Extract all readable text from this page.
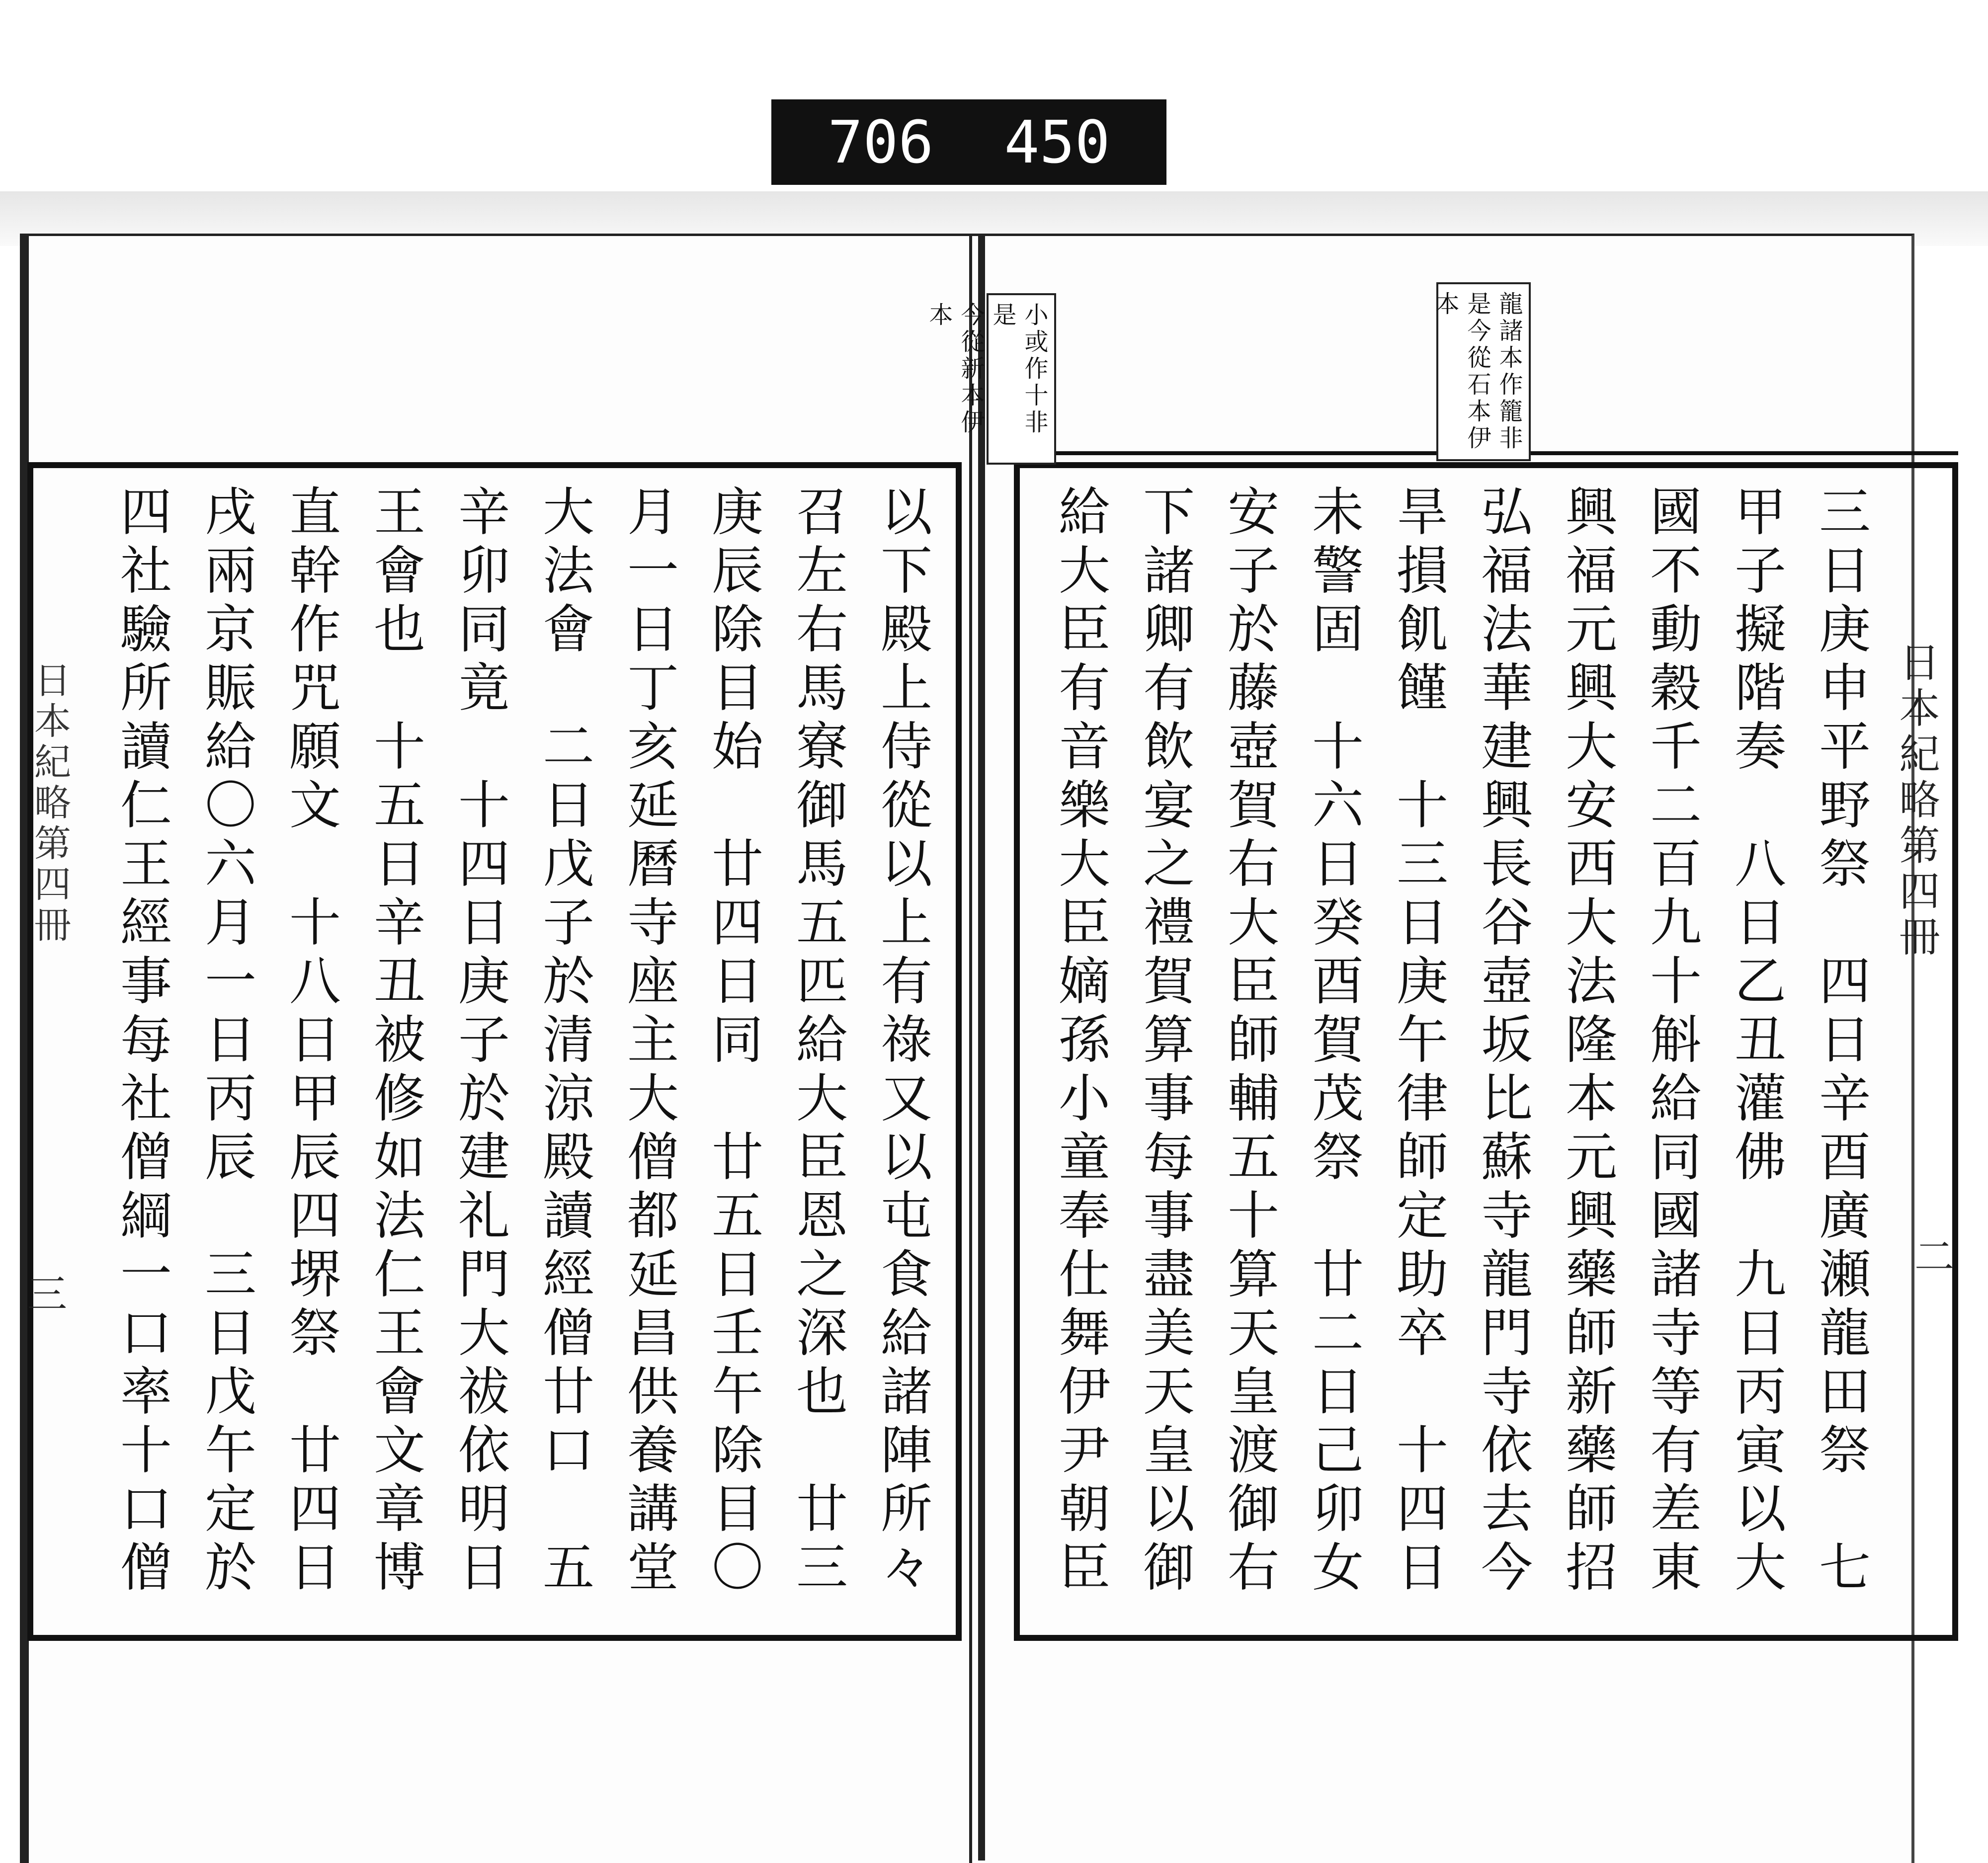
706  450
日本紀略第四冊
二
日本紀略第四冊
三
龍諸本作籠非
是今從石本伊
本
小或作十非是
今從新本伊本
三日庚申平野祭　四日辛酉廣瀬龍田祭　七
甲子擬階奏　八日乙丑灌佛　九日丙寅以大
國不動穀千二百九十斛給同國諸寺等有差東
興福元興大安西大法隆本元興藥師新藥師招
弘福法華建興長谷壺坂比蘇寺龍門寺依去今
旱損飢饉　十三日庚午律師定助卒　十四日
未警固　十六日癸酉賀茂祭　廿二日己卯女
安子於藤壺賀右大臣師輔五十算天皇渡御右
下諸卿有飲宴之禮賀算事每事盡美天皇以御
給大臣有音樂大臣嫡孫小童奉仕舞伊尹朝臣
以下殿上侍從以上有祿又以屯食給諸陣所々
召左右馬寮御馬五匹給大臣恩之深也　廿三
庚辰除目始　廿四日同　廿五日壬午除目〇
月一日丁亥延曆寺座主大僧都延昌供養講堂
大法會　二日戊子於清涼殿讀經僧廿口　五
辛卯同竟　十四日庚子於建礼門大祓依明日
王會也　十五日辛丑被修如法仁王會文章博
直幹作咒願文　十八日甲辰四堺祭　廿四日
戌兩京賑給〇六月一日丙辰　三日戊午定於
四社驗所讀仁王經事每社僧綱一口率十口僧
